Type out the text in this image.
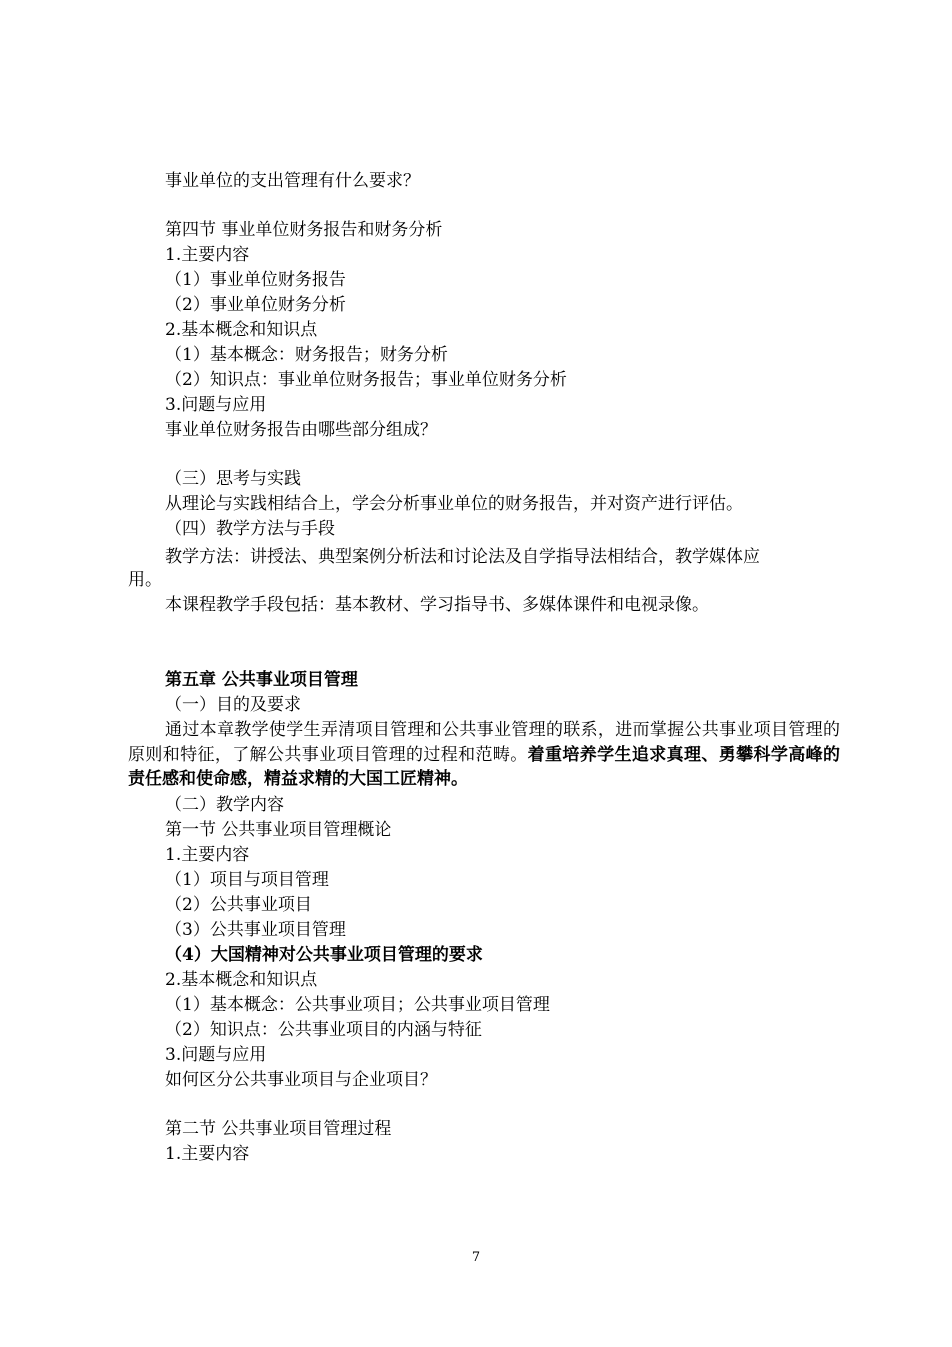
事业单位的支出管理有什么要求？
第四节 事业单位财务报告和财务分析
1.主要内容
（1）事业单位财务报告
（2）事业单位财务分析
2.基本概念和知识点
（1）基本概念：财务报告；财务分析
（2）知识点：事业单位财务报告；事业单位财务分析
3.问题与应用
事业单位财务报告由哪些部分组成？
（三）思考与实践
从理论与实践相结合上，学会分析事业单位的财务报告，并对资产进行评估。
（四）教学方法与手段
教学方法：讲授法、典型案例分析法和讨论法及自学指导法相结合，教学媒体应
用。
本课程教学手段包括：基本教材、学习指导书、多媒体课件和电视录像。
第五章 公共事业项目管理
（一）目的及要求
通过本章教学使学生弄清项目管理和公共事业管理的联系，进而掌握公共事业项目管理的原则和特征，了解公共事业项目管理的过程和范畴。着重培养学生追求真理、勇攀科学高峰的责任感和使命感，精益求精的大国工匠精神。
（二）教学内容
第一节 公共事业项目管理概论
1.主要内容
（1）项目与项目管理
（2）公共事业项目
（3）公共事业项目管理
（4）大国精神对公共事业项目管理的要求
2.基本概念和知识点
（1）基本概念：公共事业项目；公共事业项目管理
（2）知识点：公共事业项目的内涵与特征
3.问题与应用
如何区分公共事业项目与企业项目？
第二节 公共事业项目管理过程
1.主要内容
7
